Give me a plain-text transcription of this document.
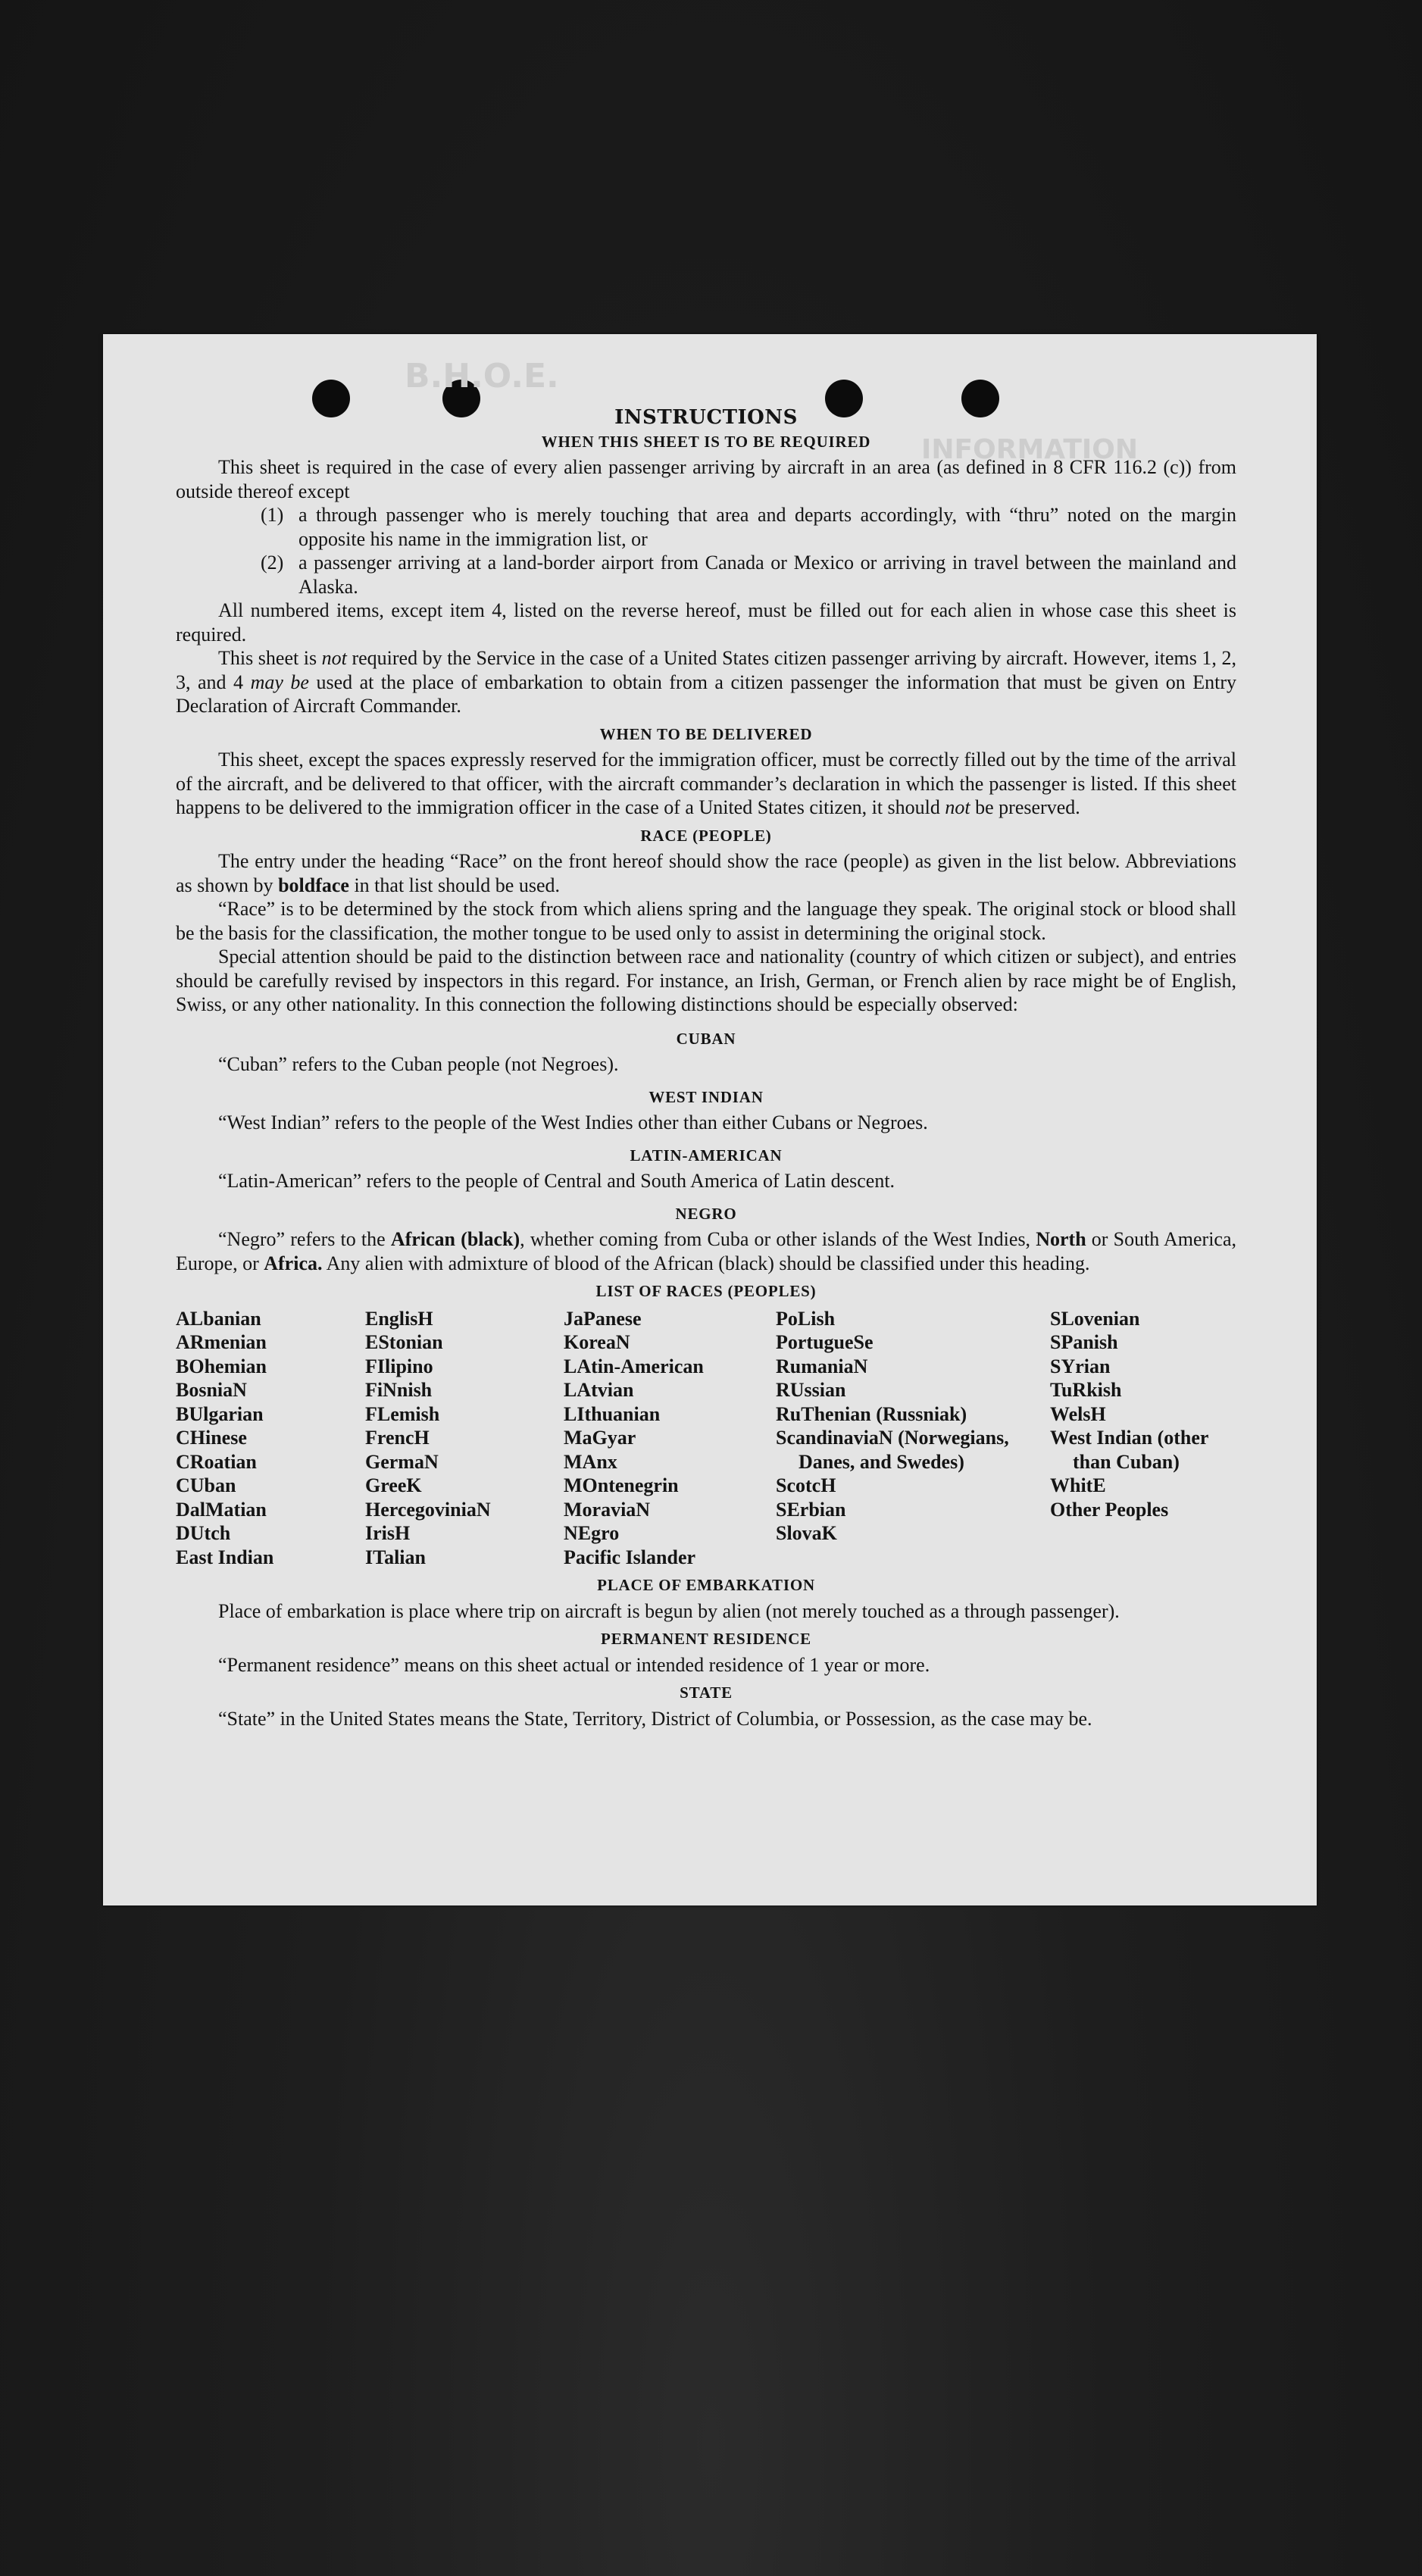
B.H.O.E.
INFORMATION

INSTRUCTIONS

WHEN THIS SHEET IS TO BE REQUIRED

This sheet is required in the case of every alien passenger arriving by aircraft in an area (as defined in 8 CFR 116.2 (c)) from outside thereof except

(1) a through passenger who is merely touching that area and departs accordingly, with “thru” noted on the margin opposite his name in the immigration list, or
(2) a passenger arriving at a land-border airport from Canada or Mexico or arriving in travel between the mainland and Alaska.

All numbered items, except item 4, listed on the reverse hereof, must be filled out for each alien in whose case this sheet is required.

This sheet is not required by the Service in the case of a United States citizen passenger arriving by aircraft. However, items 1, 2, 3, and 4 may be used at the place of embarkation to obtain from a citizen passenger the information that must be given on Entry Declaration of Aircraft Commander.

WHEN TO BE DELIVERED

This sheet, except the spaces expressly reserved for the immigration officer, must be correctly filled out by the time of the arrival of the aircraft, and be delivered to that officer, with the aircraft commander’s declaration in which the passenger is listed. If this sheet happens to be delivered to the immigration officer in the case of a United States citizen, it should not be preserved.

RACE (PEOPLE)

The entry under the heading “Race” on the front hereof should show the race (people) as given in the list below. Abbreviations as shown by boldface in that list should be used.

“Race” is to be determined by the stock from which aliens spring and the language they speak. The original stock or blood shall be the basis for the classification, the mother tongue to be used only to assist in determining the original stock.

Special attention should be paid to the distinction between race and nationality (country of which citizen or subject), and entries should be carefully revised by inspectors in this regard. For instance, an Irish, German, or French alien by race might be of English, Swiss, or any other nationality. In this connection the following distinctions should be especially observed:

CUBAN

“Cuban” refers to the Cuban people (not Negroes).

WEST INDIAN

“West Indian” refers to the people of the West Indies other than either Cubans or Negroes.

LATIN-AMERICAN

“Latin-American” refers to the people of Central and South America of Latin descent.

NEGRO

“Negro” refers to the African (black), whether coming from Cuba or other islands of the West Indies, North or South America, Europe, or Africa. Any alien with admixture of blood of the African (black) should be classified under this heading.

LIST OF RACES (PEOPLES)

ALbanian
ARmenian
BOhemian
BosniaN
BUlgarian
CHinese
CRoatian
CUban
DalMatian
DUtch
East Indian
EnglisH
EStonian
FIlipino
FiNnish
FLemish
FrencH
GermaN
GreeK
HercegoviniaN
IrisH
ITalian
JaPanese
KoreaN
LAtin-American
LAtvian
LIthuanian
MaGyar
MAnx
MOntenegrin
MoraviaN
NEgro
Pacific Islander
PoLish
PortugueSe
RumaniaN
RUssian
RuThenian (Russniak)
ScandinaviaN (Norwegians, Danes, and Swedes)
ScotcH
SErbian
SlovaK
SLovenian
SPanish
SYrian
TuRkish
WelsH
West Indian (other than Cuban)
WhitE
Other Peoples

PLACE OF EMBARKATION

Place of embarkation is place where trip on aircraft is begun by alien (not merely touched as a through passenger).

PERMANENT RESIDENCE

“Permanent residence” means on this sheet actual or intended residence of 1 year or more.

STATE

“State” in the United States means the State, Territory, District of Columbia, or Possession, as the case may be.
